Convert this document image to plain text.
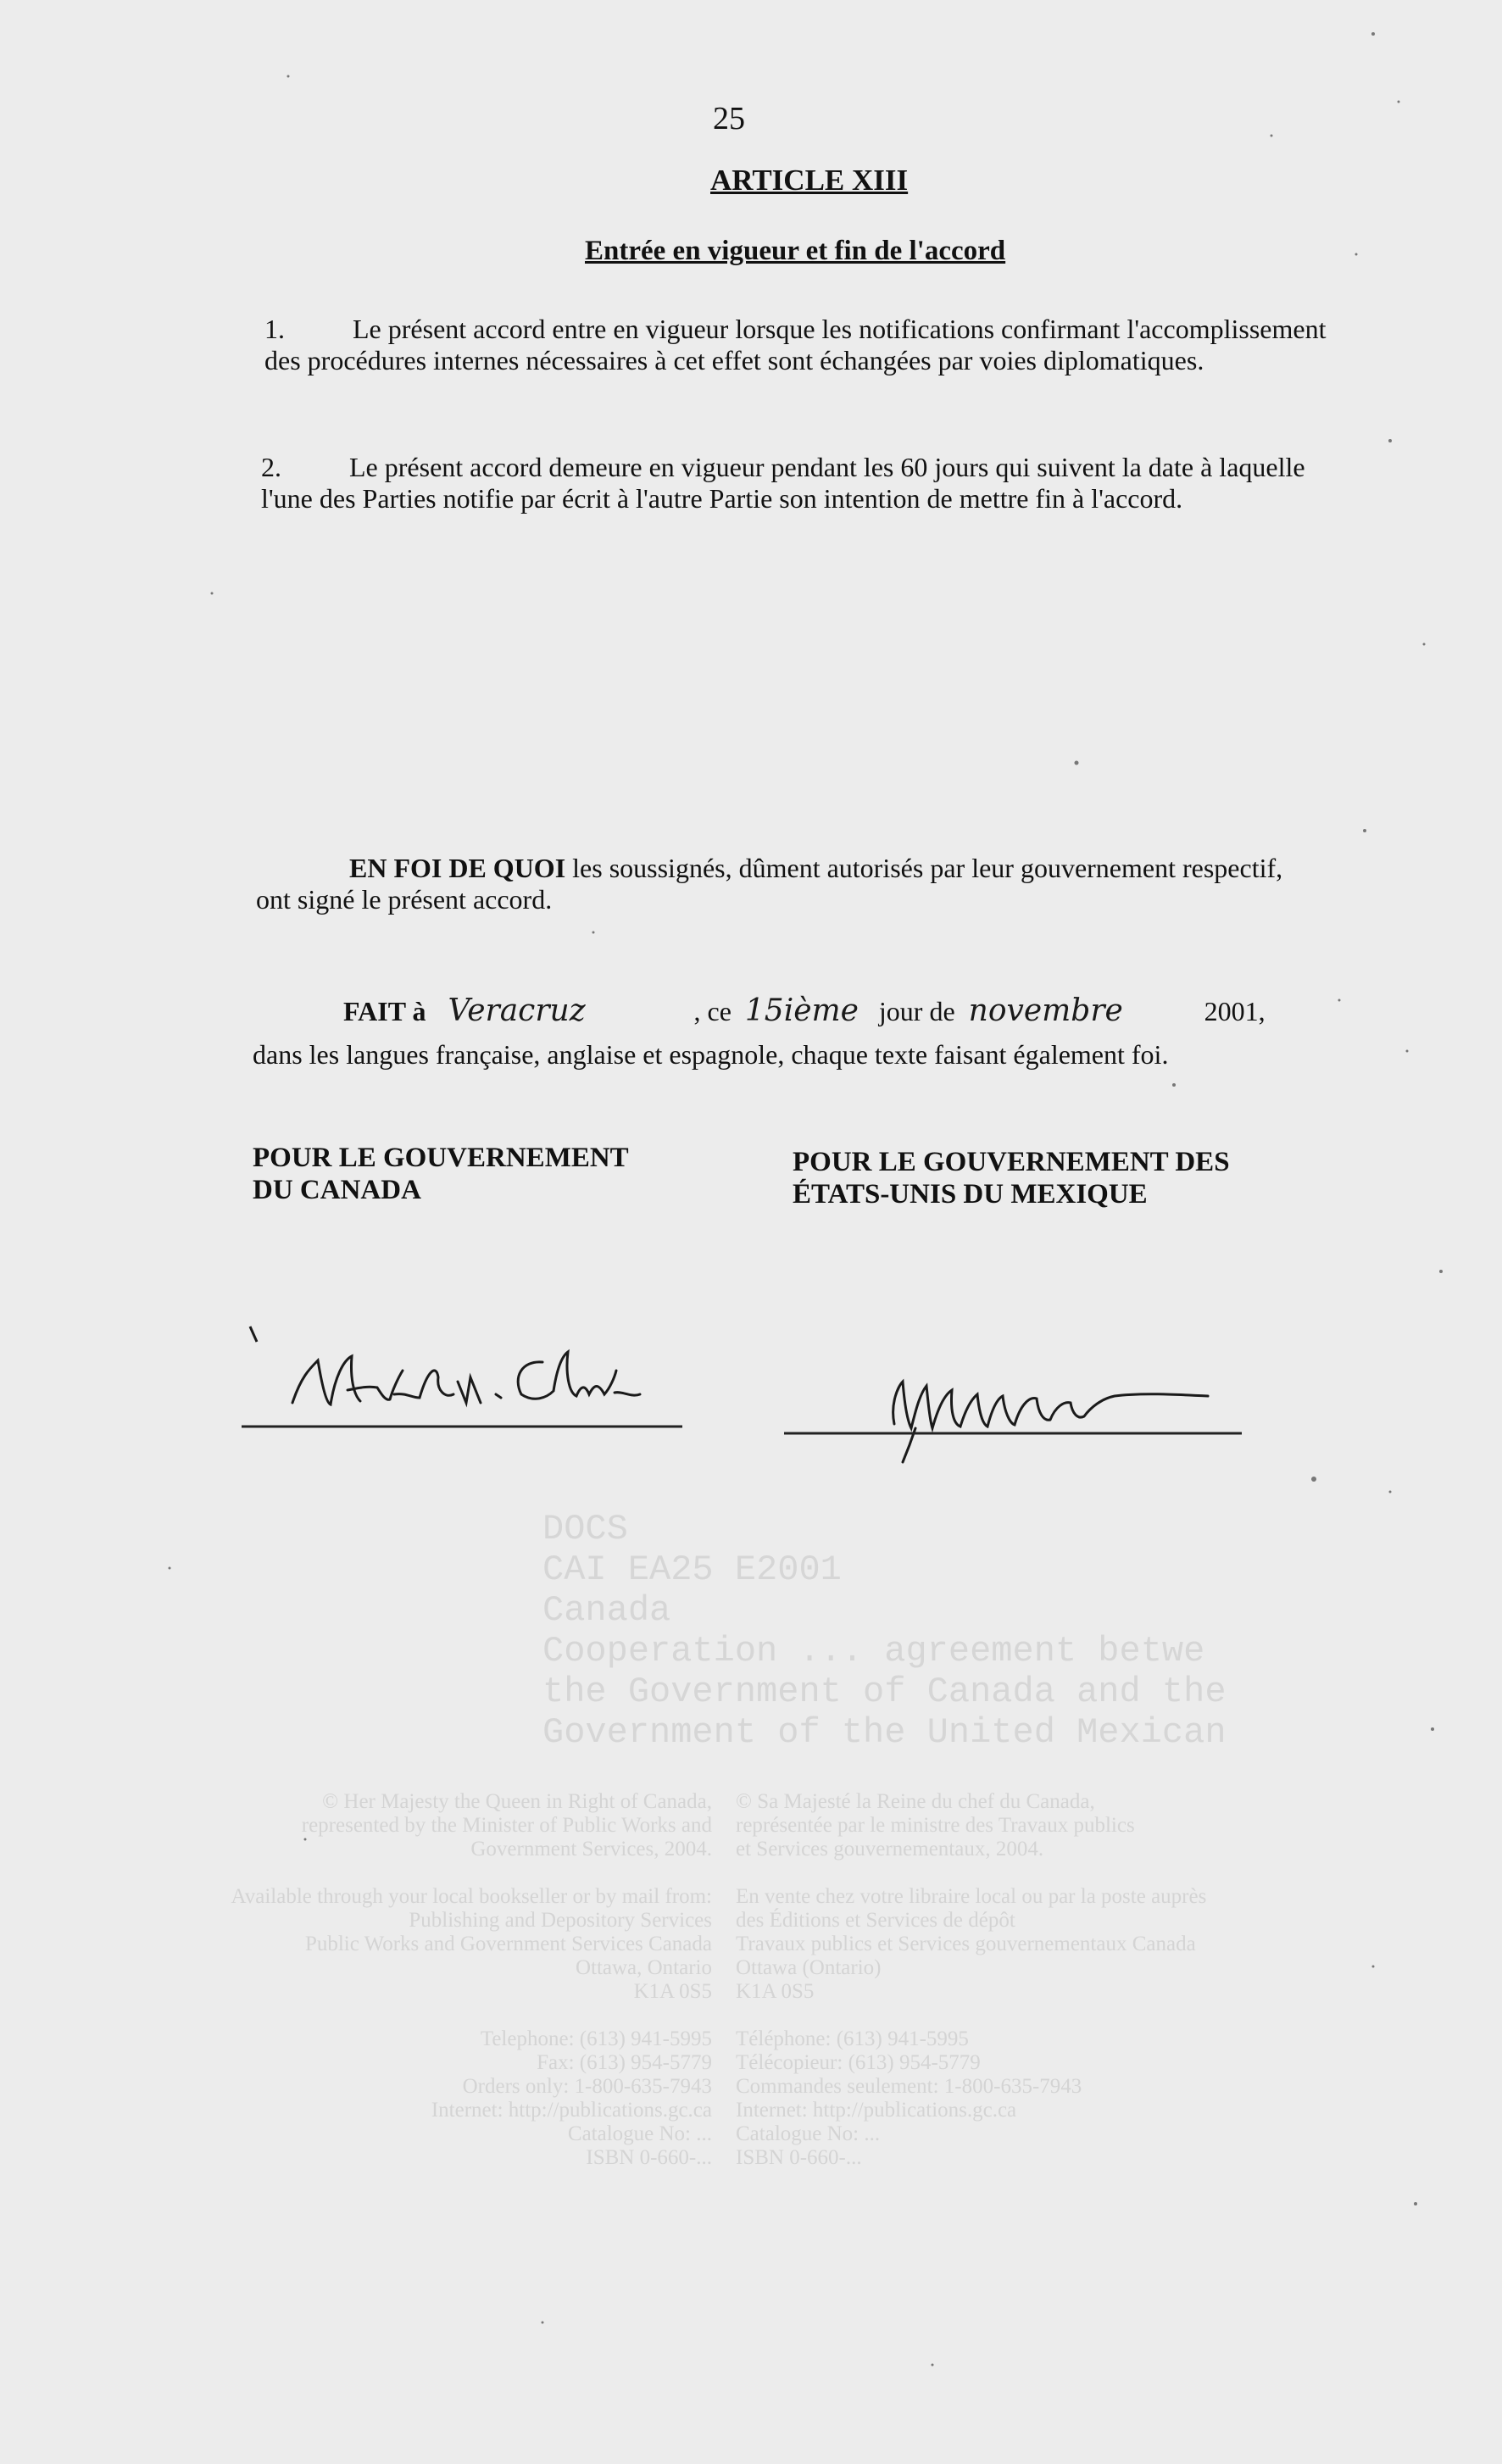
DOCS
CAI EA25 E2001
Canada
Cooperation ... agreement betwe
the Government of Canada and the
Government of the United Mexican
© Her Majesty the Queen in Right of Canada,
represented by the Minister of Public Works and
Government Services, 2004.

Available through your local bookseller or by mail from:
Publishing and Depository Services
Public Works and Government Services Canada
Ottawa, Ontario
K1A 0S5

Telephone: (613) 941-5995
Fax: (613) 954-5779
Orders only: 1-800-635-7943
Internet: http://publications.gc.ca
Catalogue No: ...
ISBN 0-660-...
© Sa Majesté la Reine du chef du Canada,
représentée par le ministre des Travaux publics
et Services gouvernementaux, 2004.

En vente chez votre libraire local ou par la poste auprès
des Éditions et Services de dépôt
Travaux publics et Services gouvernementaux Canada
Ottawa (Ontario)
K1A 0S5

Téléphone: (613) 941-5995
Télécopieur: (613) 954-5779
Commandes seulement: 1-800-635-7943
Internet: http://publications.gc.ca
Catalogue No: ...
ISBN 0-660-...
25
ARTICLE XIII
Entrée en vigueur et fin de l'accord
1.	Le présent accord entre en vigueur lorsque les notifications confirmant l'accomplissement des procédures internes nécessaires à cet effet sont échangées par voies diplomatiques.
2.	Le présent accord demeure en vigueur pendant les 60 jours qui suivent la date à laquelle l'une des Parties notifie par écrit à l'autre Partie son intention de mettre fin à l'accord.
EN FOI DE QUOI les soussignés, dûment autorisés par leur gouvernement respectif, ont signé le présent accord.
FAIT à Veracruz	, ce 15ième jour de novembre	2001,
dans les langues française, anglaise et espagnole, chaque texte faisant également foi.
POUR LE GOUVERNEMENT
DU CANADA
POUR LE GOUVERNEMENT DES
ÉTATS-UNIS DU MEXIQUE
